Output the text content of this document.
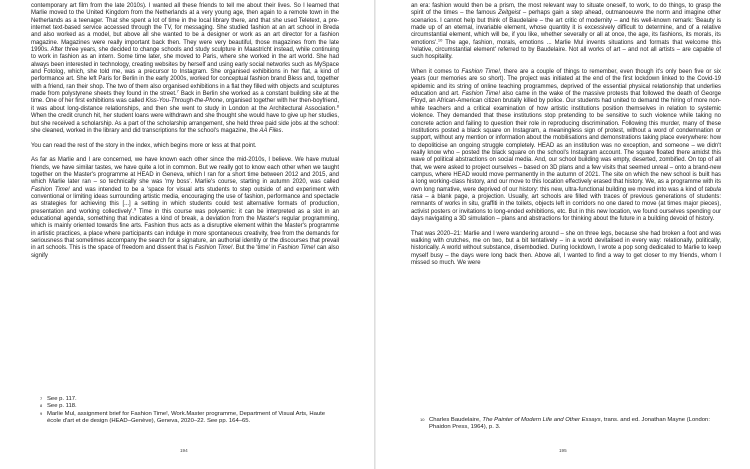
contemporary art film from the late 2010s). I wanted all these friends to tell me about their lives. So I learned that Marlie moved to the United Kingdom from the Netherlands at a very young age, then again to a remote town in the Netherlands as a teenager. That she spent a lot of time in the local library there, and that she used Teletext, a pre-internet text-based service accessed through the TV, for messaging. She studied fashion at an art school in Breda and also worked as a model, but above all she wanted to be a designer or work as an art director for a fashion magazine. Magazines were really important back then. They were very beautiful, those magazines from the late 1990s. After three years, she decided to change schools and study sculpture in Maastricht instead, while continuing to work in fashion as an intern. Some time later, she moved to Paris, where she worked in the art world. She had always been interested in technology, creating websites by herself and using early social networks such as MySpace and Fotolog, which, she told me, was a precursor to Instagram. She organised exhibitions in her flat, a kind of performance art. She left Paris for Berlin in the early 2000s, worked for conceptual fashion brand Bless and, together with a friend, ran their shop. The two of them also organised exhibitions in a flat they filled with objects and sculptures made from polystyrene sheets they found in the street.$^7$ Back in Berlin she worked as a constant building site at the time. One of her first exhibitions was called Kiss-You-Through-the-Phone, organised together with her then-boyfriend, it was about long-distance relationships, and then she went to study in London at the Architectural Association.$^8$ When the credit crunch hit, her student loans were withdrawn and she thought she would have to give up her studies, but she received a scholarship. As a part of the scholarship arrangement, she held three paid side jobs at the school: she cleaned, worked in the library and did transcriptions for the school's magazine, the AA Files.

You can read the rest of the story in the index, which begins more or less at that point.

As far as Marlie and I are concerned, we have known each other since the mid-2010s, I believe. We have mutual friends, we have similar tastes, we have quite a lot in common. But we really got to know each other when we taught together on the Master's programme at HEAD in Geneva, which I ran for a short time between 2012 and 2015, and which Marlie later ran – so technically she was 'my boss'. Marlie's course, starting in autumn 2020, was called Fashion Time! and was intended to be a 'space for visual arts students to step outside of and experiment with conventional or limiting ideas surrounding artistic media, encouraging the use of fashion, performance and spectacle as strategies for achieving this [...] a setting in which students could test alternative formats of production, presentation and working collectively'.$^9$ Time in this course was polysemic: it can be interpreted as a slot in an educational agenda, something that indicates a kind of break, a deviation from the Master's regular programming, which is mainly oriented towards fine arts. Fashion thus acts as a disruptive element within the Master's programme in artistic practices, a place where participants can indulge in more spontaneous creativity, free from the demands for seriousness that sometimes accompany the search for a signature, an authorial identity or the discourses that prevail in art schools. This is the space of freedom and dissent that is Fashion Time!. But the 'time' in Fashion Time! can also signify

7 See p. 117.
8 See p. 118.
9 Marlie Mul, assignment brief for Fashion Time!, Work.Master programme, Department of Visual Arts, Haute école d'art et de design (HEAD–Genève), Geneva, 2020–22. See pp. 164–65.
194

an era: fashion would then be a prism, the most relevant way to situate oneself, to work, to do things, to grasp the spirit of the times – the famous Zeitgeist – perhaps gain a step ahead, outmanoeuvre the norm and imagine other scenarios. I cannot help but think of Baudelaire – the art critic of modernity – and his well-known remark: 'Beauty is made up of an eternal, invariable element, whose quantity it is excessively difficult to determine, and of a relative circumstantial element, which will be, if you like, whether severally or all at once, the age, its fashions, its morals, its emotions'.$^{10}$ The age, fashion, morals, emotions ... Marlie Mul invents situations and formats that welcome this 'relative, circumstantial element' referred to by Baudelaire. Not all works of art – and not all artists – are capable of such hospitality.

When it comes to Fashion Time!, there are a couple of things to remember, even though it's only been five or six years (our memories are so short). The project was initiated at the end of the first lockdown linked to the Covid-19 epidemic and its string of online teaching programmes, deprived of the essential physical relationship that underlies education and art. Fashion Time! also came in the wake of the massive protests that followed the death of George Floyd, an African-American citizen brutally killed by police. Our students had united to demand the hiring of more non-white teachers and a critical examination of how artistic institutions position themselves in relation to systemic violence. They demanded that these institutions stop pretending to be sensitive to such violence while taking no concrete action and failing to question their role in reproducing discrimination. Following this murder, many of these institutions posted a black square on Instagram, a meaningless sign of protest, without a word of condemnation or support, without any mention or information about the mobilisations and demonstrations taking place everywhere: how to depoliticise an ongoing struggle completely. HEAD as an institution was no exception, and someone – we didn't really know who – posted the black square on the school's Instagram account. The square floated there amidst this wave of political abstractions on social media. And, our school building was empty, deserted, zombified. On top of all that, we were asked to project ourselves – based on 3D plans and a few visits that seemed unreal – onto a brand-new campus, where HEAD would move permanently in the autumn of 2021. The site on which the new school is built has a long working-class history, and our move to this location effectively erased that history. We, as a programme with its own long narrative, were deprived of our history: this new, ultra-functional building we moved into was a kind of tabula rasa – a blank page, a projection. Usually, art schools are filled with traces of previous generations of students: remnants of works in situ, graffiti in the toilets, objects left in corridors no one dared to move (at times major pieces), activist posters or invitations to long-ended exhibitions, etc. But in this new location, we found ourselves spending our days navigating a 3D simulation – plans and abstractions for thinking about the future in a building devoid of history.

That was 2020–21: Marlie and I were wandering around – she on three legs, because she had broken a foot and was walking with crutches, me on two, but a bit tentatively – in a world devitalised in every way: relationally, politically, historically. A world without substance, disembodied. During lockdown, I wrote a pop song dedicated to Marlie to keep myself busy – the days were long back then. Above all, I wanted to find a way to get closer to my friends, whom I missed so much. We were

10 Charles Baudelaire, The Painter of Modern Life and Other Essays, trans. and ed. Jonathan Mayne (London: Phaidon Press, 1964), p. 3.
195
